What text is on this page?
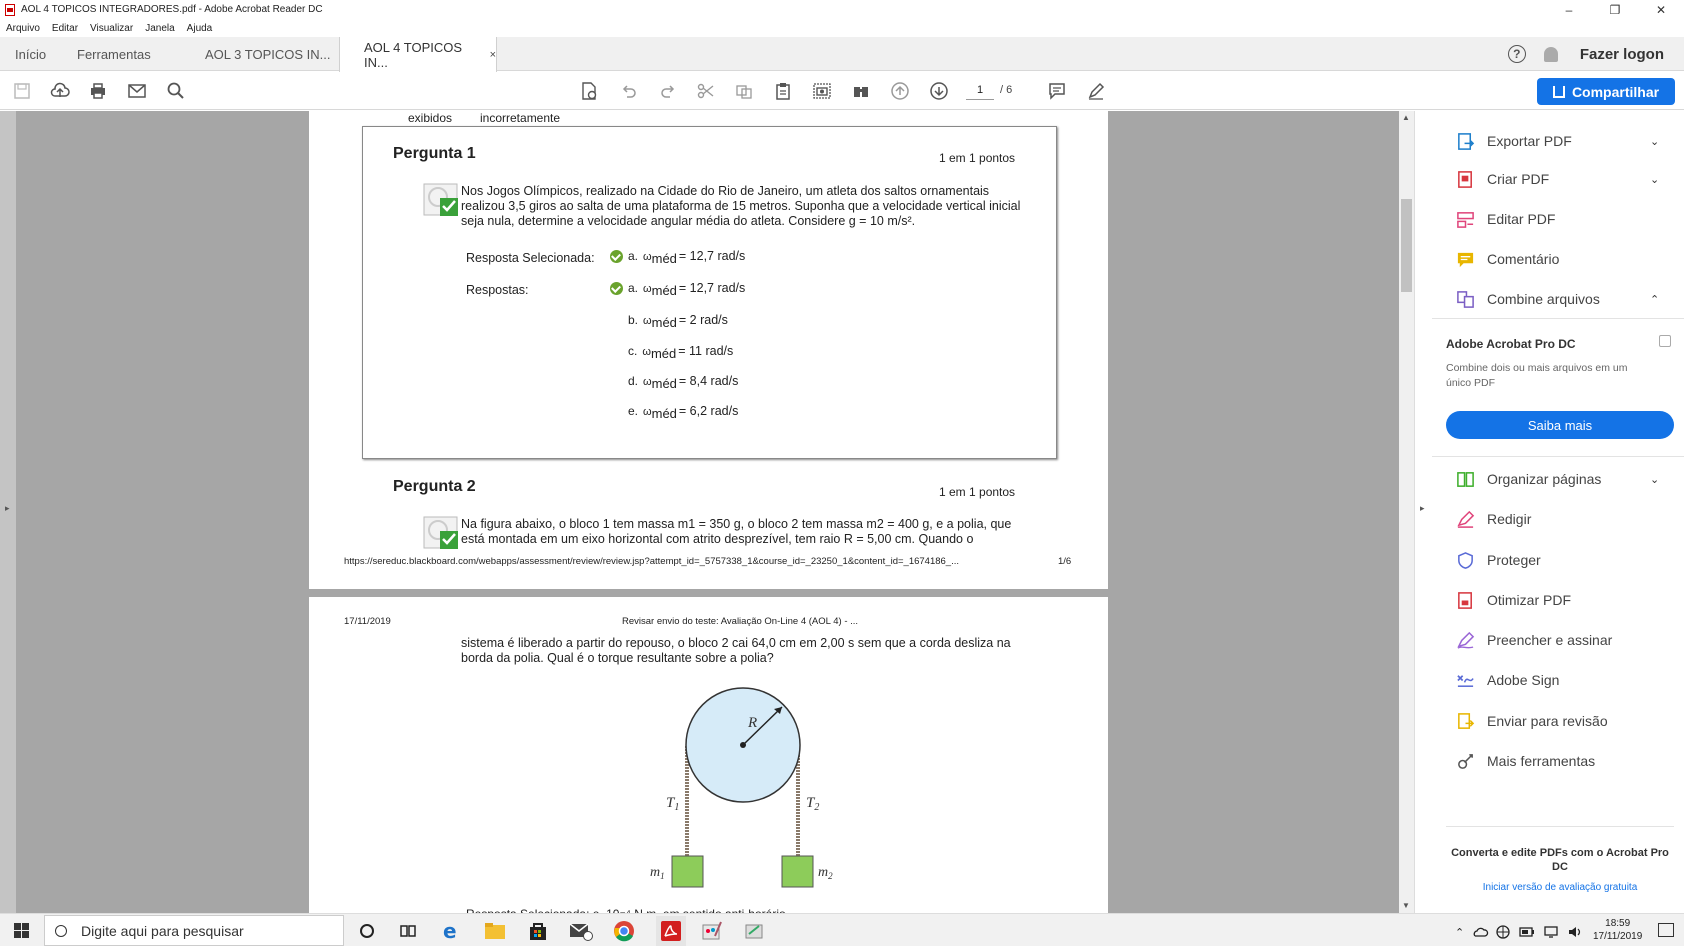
AOL 4 TOPICOS INTEGRADORES.pdf - Adobe Acrobat Reader DC	–	❐	✕
Arquivo Editar Visualizar Janela Ajuda
Início Ferramentas	AOL 3 TOPICOS IN...	AOL 4 TOPICOS IN...	×	?	Fazer logon
1	/ 6	Compartilhar
exibidos incorretamente
Pergunta 1	1 em 1 pontos
Nos Jogos Olímpicos, realizado na Cidade do Rio de Janeiro, um atleta dos saltos ornamentais realizou 3,5 giros ao salta de uma plataforma de 15 metros. Suponha que a velocidade vertical inicial seja nula, determine a velocidade angular média do atleta. Considere g = 10 m/s².
Resposta Selecionada:	a. ω méd = 12,7 rad/s
Respostas:	a. ω méd = 12,7 rad/s
b. ω méd = 2 rad/s
c. ω méd = 11 rad/s
d. ω méd = 8,4 rad/s
e. ω méd = 6,2 rad/s
Pergunta 2	1 em 1 pontos
Na figura abaixo, o bloco 1 tem massa m1 = 350 g, o bloco 2 tem massa m2 = 400 g, e a polia, que está montada em um eixo horizontal com atrito desprezível, tem raio R = 5,00 cm. Quando o
https://sereduc.blackboard.com/webapps/assessment/review/review.jsp?attempt_id=_5757338_1&course_id=_23250_1&content_id=_1674186_...	1/6
17/11/2019	Revisar envio do teste: Avaliação On-Line 4 (AOL 4) - ...
sistema é liberado a partir do repouso, o bloco 2 cai 64,0 cm em 2,00 s sem que a corda desliza na borda da polia. Qual é o torque resultante sobre a polia?
R
$T_1$	$T_2$
$m_1$	$m_2$
▸
▲
▼
▸
Exportar PDF	⌄
Criar PDF	⌄
Editar PDF
Comentário
Combine arquivos	⌃
Adobe Acrobat Pro DC
Combine dois ou mais arquivos em um único PDF
Saiba mais
Organizar páginas	⌄
Redigir
Proteger
Otimizar PDF
Preencher e assinar
Adobe Sign
Enviar para revisão
Mais ferramentas
Converta e edite PDFs com o Acrobat Pro DC
Iniciar versão de avaliação gratuita
Digite aqui para pesquisar	e	⌃
18:59
17/11/2019
